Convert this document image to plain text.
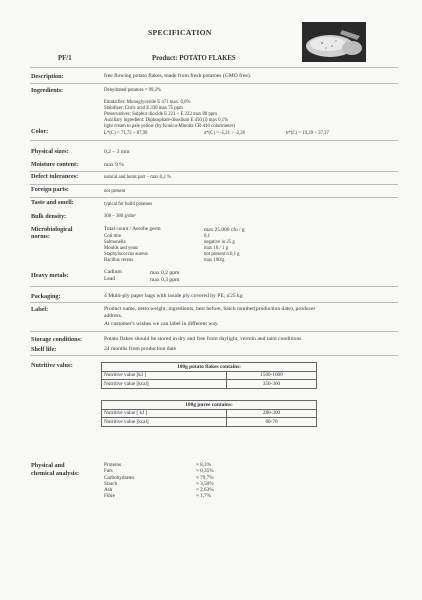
SPECIFICATION
PF/1	Product: POTATO FLAKES
Description:	free flowing potato flakes, made from fresh potatoes (GMO free).
Ingredients:	Dehydrated potatoes = 99,2%
Emulsifier: Monoglyceride E 471 max. 0,6%
Stabilizer: Citric acid E 330 max 75 ppm
Preservatives: Sulphur dioxide E 221 + E 222 max 80 ppm
Auxiliary ingredient: Diphosphate-disodium E 450 (i) max 0,1%
Color:
light cream to pale yellow (by Konica-Minolta CR-410 colorimeter)
L*(C) = 71,72 ÷ 87,99	a*(C) = -5,21 ÷ -2,26	b*(C) = 19,39 ÷ 37,37
Physical sizes:	0,2 – 3 mm
Moisture content:	max 9 %
Defect tolerances:	natural and burnt part – max 0,2 %
Foreign parts:	not present
Taste and smell:	typical for boild potatoes
Bulk density:	300 – 380 g/dm³
Microbiological
norms:
Total count / Aerobe germ	max 25.000 cfu / g
Coli titre	0,1
Salmonella	negative in 25 g
Moulds and yeast	max 10 / 1 g
Staphylococcus aureus	not present n 0,1 g
Bacillus cereus	max 100/g
Heavy metals:	Cadium	max 0,2 ppm
Lead	max 0,3 ppm
Packaging:	4 Multi-ply paper bags with inside ply covered by PE, a'25 kg
Label:	Product name, netto weight, ingredients, best before, batch number(production date), producer
address.
At customer's wishes we can label in different way.
Storage conditions:	Potato flakes should be stored in dry and free from daylight, vermin and taint conditions
Shelf life:	24 months from production date
Nutritive value:	100g potato flakes contains:	
Nutritive value [kJ ]	1500-1600
Nutritive value [kcal]	350-360
100g puree contains:	
Nutritive value [ kJ ]	280-300
Nutritive value [kcal]	60-70
Physical and
chemical analysis:
Proteins	≈ 8,3%
Fats	≈ 0,35%
Carbohydrates	≈ 79,7%
Starch	≈ 3,50%
Ash	≈ 2,63%
Fibre	≈ 1,7%
